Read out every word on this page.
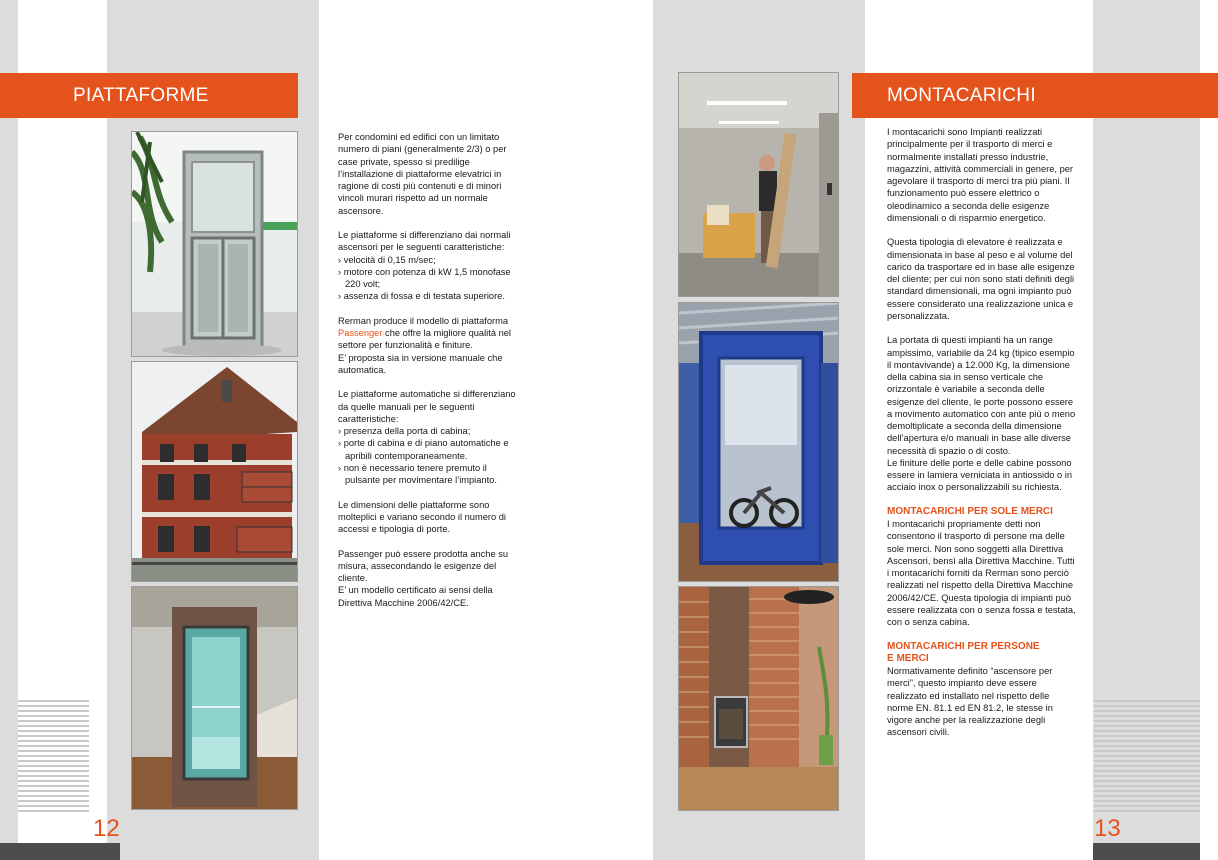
PIATTAFORME	MONTACARICHI

Per condomini ed edifici con un limitato numero di piani (generalmente 2/3) o per case private, spesso si predilige l’installazione di piattaforme elevatrici in ragione di costi più contenuti e di minori vincoli murari rispetto ad un normale ascensore.

Le piattaforme si differenziano dai normali ascensori per le seguenti caratteristiche:
› velocità di 0,15 m/sec;
› motore con potenza di kW 1,5 monofase 220 volt;
› assenza di fossa e di testata superiore.

Rerman produce il modello di piattaforma Passenger che offre la migliore qualità nel settore per funzionalità e finiture.
E’ proposta sia in versione manuale che automatica.

Le piattaforme automatiche si differenziano da quelle manuali per le seguenti caratteristiche:
› presenza della porta di cabina;
› porte di cabina e di piano automatiche e apribili contemporaneamente.
› non è necessario tenere premuto il pulsante per movimentare l’impianto.

Le dimensioni delle piattaforme sono molteplici e variano secondo il numero di accessi e tipologia di porte.

Passenger può essere prodotta anche su misura, assecondando le esigenze del cliente.
E’ un modello certificato ai sensi della Direttiva Macchine 2006/42/CE.

I montacarichi sono Impianti realizzati principalmente per il trasporto di merci e normalmente installati presso industrie, magazzini, attività commerciali in genere, per agevolare il trasporto di merci tra più piani. Il funzionamento può essere elettrico o oleodinamico a seconda delle esigenze dimensionali o di risparmio energetico.

Questa tipologia di elevatore è realizzata e dimensionata in base al peso e al volume del carico da trasportare ed in base alle esigenze del cliente; per cui non sono stati definiti degli standard dimensionali, ma ogni impianto può essere considerato una realizzazione unica e personalizzata.

La portata di questi impianti ha un range ampissimo, variabile da 24 kg (tipico esempio il montavivande) a 12.000 Kg, la dimensione della cabina sia in senso verticale che orizzontale è variabile a seconda delle esigenze del cliente, le porte possono essere a movimento automatico con ante più o meno demoltiplicate a seconda della dimensione dell’apertura e/o manuali in base alle diverse necessità di spazio o di costo.

Le finiture delle porte e delle cabine possono essere in lamiera verniciata in antiossido o in acciaio inox o personalizzabili su richiesta.

MONTACARICHI PER SOLE MERCI

I montacarichi propriamente detti non consentono il trasporto di persone ma delle sole merci. Non sono soggetti alla Direttiva Ascensori, bensì alla Direttiva Macchine. Tutti i montacarichi forniti da Rerman sono perciò realizzati nel rispetto della Direttiva Macchine 2006/42/CE. Questa tipologia di impianti può essere realizzata con o senza fossa e testata, con o senza cabina.

MONTACARICHI PER PERSONE
E MERCI

Normativamente definito “ascensore per merci”, questo impianto deve essere realizzato ed installato nel rispetto delle norme EN. 81.1 ed EN 81.2, le stesse in vigore anche per la realizzazione degli ascensori civili.

12	13
